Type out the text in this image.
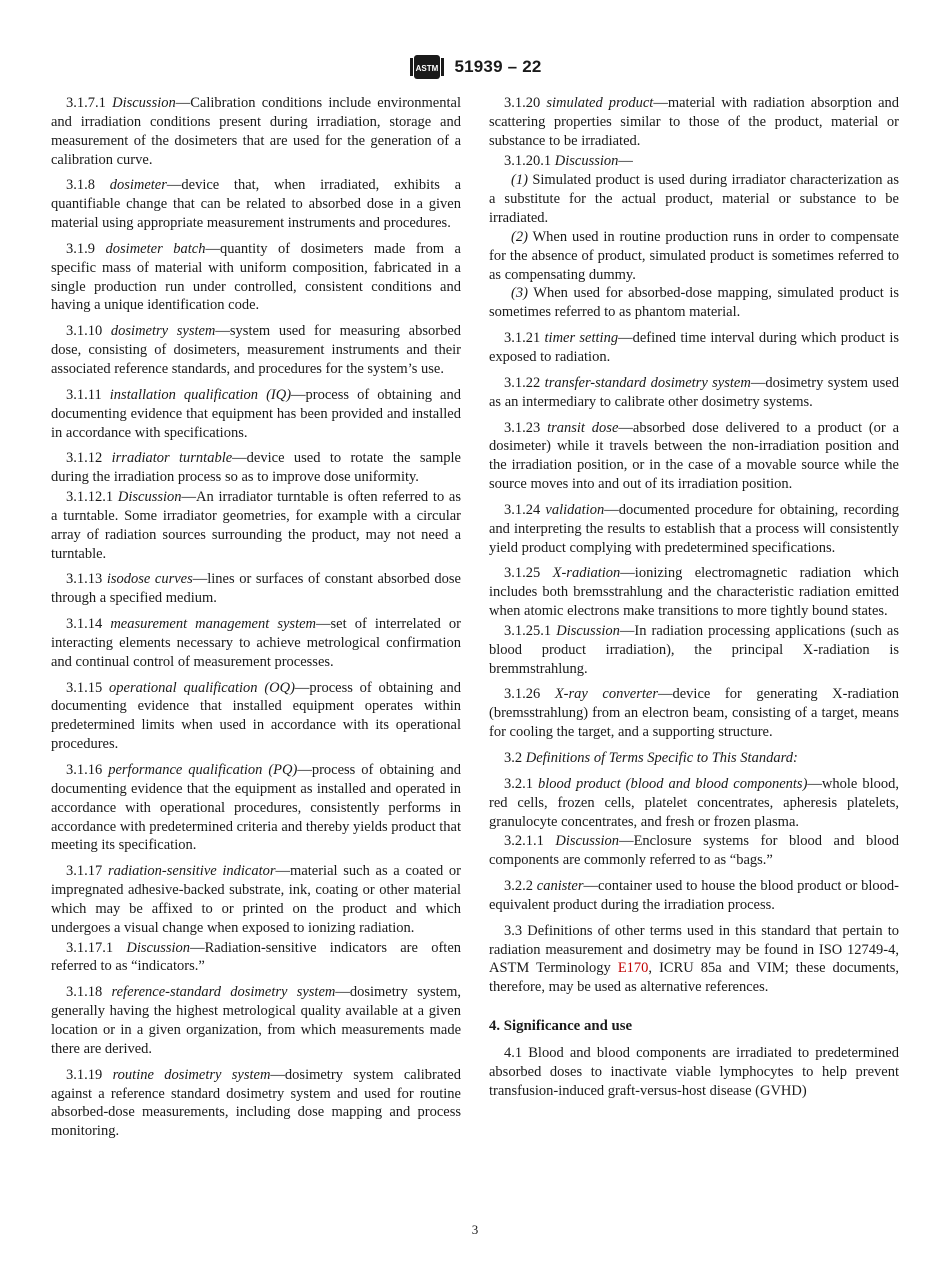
ASTM 51939 – 22

3.1.7.1 Discussion—Calibration conditions include environmental and irradiation conditions present during irradiation, storage and measurement of the dosimeters that are used for the generation of a calibration curve.

3.1.8 dosimeter—device that, when irradiated, exhibits a quantifiable change that can be related to absorbed dose in a given material using appropriate measurement instruments and procedures.

3.1.9 dosimeter batch—quantity of dosimeters made from a specific mass of material with uniform composition, fabricated in a single production run under controlled, consistent conditions and having a unique identification code.

3.1.10 dosimetry system—system used for measuring absorbed dose, consisting of dosimeters, measurement instruments and their associated reference standards, and procedures for the system’s use.

3.1.11 installation qualification (IQ)—process of obtaining and documenting evidence that equipment has been provided and installed in accordance with specifications.

3.1.12 irradiator turntable—device used to rotate the sample during the irradiation process so as to improve dose uniformity.

3.1.12.1 Discussion—An irradiator turntable is often referred to as a turntable. Some irradiator geometries, for example with a circular array of radiation sources surrounding the product, may not need a turntable.

3.1.13 isodose curves—lines or surfaces of constant absorbed dose through a specified medium.

3.1.14 measurement management system—set of interrelated or interacting elements necessary to achieve metrological confirmation and continual control of measurement processes.

3.1.15 operational qualification (OQ)—process of obtaining and documenting evidence that installed equipment operates within predetermined limits when used in accordance with its operational procedures.

3.1.16 performance qualification (PQ)—process of obtaining and documenting evidence that the equipment as installed and operated in accordance with operational procedures, consistently performs in accordance with predetermined criteria and thereby yields product that meeting its specification.

3.1.17 radiation-sensitive indicator—material such as a coated or impregnated adhesive-backed substrate, ink, coating or other material which may be affixed to or printed on the product and which undergoes a visual change when exposed to ionizing radiation.

3.1.17.1 Discussion—Radiation-sensitive indicators are often referred to as “indicators.”

3.1.18 reference-standard dosimetry system—dosimetry system, generally having the highest metrological quality available at a given location or in a given organization, from which measurements made there are derived.

3.1.19 routine dosimetry system—dosimetry system calibrated against a reference standard dosimetry system and used for routine absorbed-dose measurements, including dose mapping and process monitoring.

3.1.20 simulated product—material with radiation absorption and scattering properties similar to those of the product, material or substance to be irradiated.

3.1.20.1 Discussion—

(1) Simulated product is used during irradiator characterization as a substitute for the actual product, material or substance to be irradiated.

(2) When used in routine production runs in order to compensate for the absence of product, simulated product is sometimes referred to as compensating dummy.

(3) When used for absorbed-dose mapping, simulated product is sometimes referred to as phantom material.

3.1.21 timer setting—defined time interval during which product is exposed to radiation.

3.1.22 transfer-standard dosimetry system—dosimetry system used as an intermediary to calibrate other dosimetry systems.

3.1.23 transit dose—absorbed dose delivered to a product (or a dosimeter) while it travels between the non-irradiation position and the irradiation position, or in the case of a movable source while the source moves into and out of its irradiation position.

3.1.24 validation—documented procedure for obtaining, recording and interpreting the results to establish that a process will consistently yield product complying with predetermined specifications.

3.1.25 X-radiation—ionizing electromagnetic radiation which includes both bremsstrahlung and the characteristic radiation emitted when atomic electrons make transitions to more tightly bound states.

3.1.25.1 Discussion—In radiation processing applications (such as blood product irradiation), the principal X-radiation is bremmstrahlung.

3.1.26 X-ray converter—device for generating X-radiation (bremsstrahlung) from an electron beam, consisting of a target, means for cooling the target, and a supporting structure.

3.2 Definitions of Terms Specific to This Standard:

3.2.1 blood product (blood and blood components)—whole blood, red cells, frozen cells, platelet concentrates, apheresis platelets, granulocyte concentrates, and fresh or frozen plasma.

3.2.1.1 Discussion—Enclosure systems for blood and blood components are commonly referred to as “bags.”

3.2.2 canister—container used to house the blood product or blood-equivalent product during the irradiation process.

3.3 Definitions of other terms used in this standard that pertain to radiation measurement and dosimetry may be found in ISO 12749-4, ASTM Terminology E170, ICRU 85a and VIM; these documents, therefore, may be used as alternative references.

4. Significance and use

4.1 Blood and blood components are irradiated to predetermined absorbed doses to inactivate viable lymphocytes to help prevent transfusion-induced graft-versus-host disease (GVHD)

3
